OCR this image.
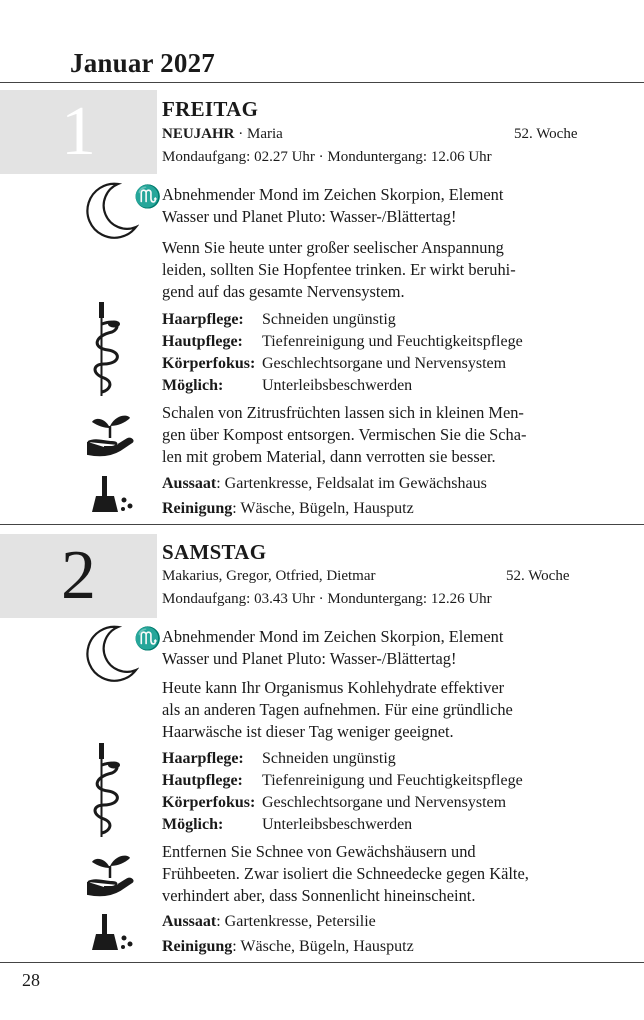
Januar 2027
1	FREITAG
NEUJAHR · Maria	52. Woche
Mondaufgang: 02.27 Uhr · Monduntergang: 12.06 Uhr
♏ Abnehmender Mond im Zeichen Skorpion, Element
Wasser und Planet Pluto: Wasser-/Blättertag!
Wenn Sie heute unter großer seelischer Anspannung
leiden, sollten Sie Hopfentee trinken. Er wirkt beruhi-
gend auf das gesamte Nervensystem.
Haarpflege: Schneiden ungünstig
Hautpflege: Tiefenreinigung und Feuchtigkeitspflege
Körperfokus: Geschlechtsorgane und Nervensystem
Möglich: Unterleibsbeschwerden
Schalen von Zitrusfrüchten lassen sich in kleinen Men-
gen über Kompost entsorgen. Vermischen Sie die Scha-
len mit grobem Material, dann verrotten sie besser.
Aussaat: Gartenkresse, Feldsalat im Gewächshaus
Reinigung: Wäsche, Bügeln, Hausputz
2	SAMSTAG
Makarius, Gregor, Otfried, Dietmar	52. Woche
Mondaufgang: 03.43 Uhr · Monduntergang: 12.26 Uhr
♏ Abnehmender Mond im Zeichen Skorpion, Element
Wasser und Planet Pluto: Wasser-/Blättertag!
Heute kann Ihr Organismus Kohlehydrate effektiver
als an anderen Tagen aufnehmen. Für eine gründliche
Haarwäsche ist dieser Tag weniger geeignet.
Haarpflege: Schneiden ungünstig
Hautpflege: Tiefenreinigung und Feuchtigkeitspflege
Körperfokus: Geschlechtsorgane und Nervensystem
Möglich: Unterleibsbeschwerden
Entfernen Sie Schnee von Gewächshäusern und
Frühbeeten. Zwar isoliert die Schneedecke gegen Kälte,
verhindert aber, dass Sonnenlicht hineinscheint.
Aussaat: Gartenkresse, Petersilie
Reinigung: Wäsche, Bügeln, Hausputz
28
